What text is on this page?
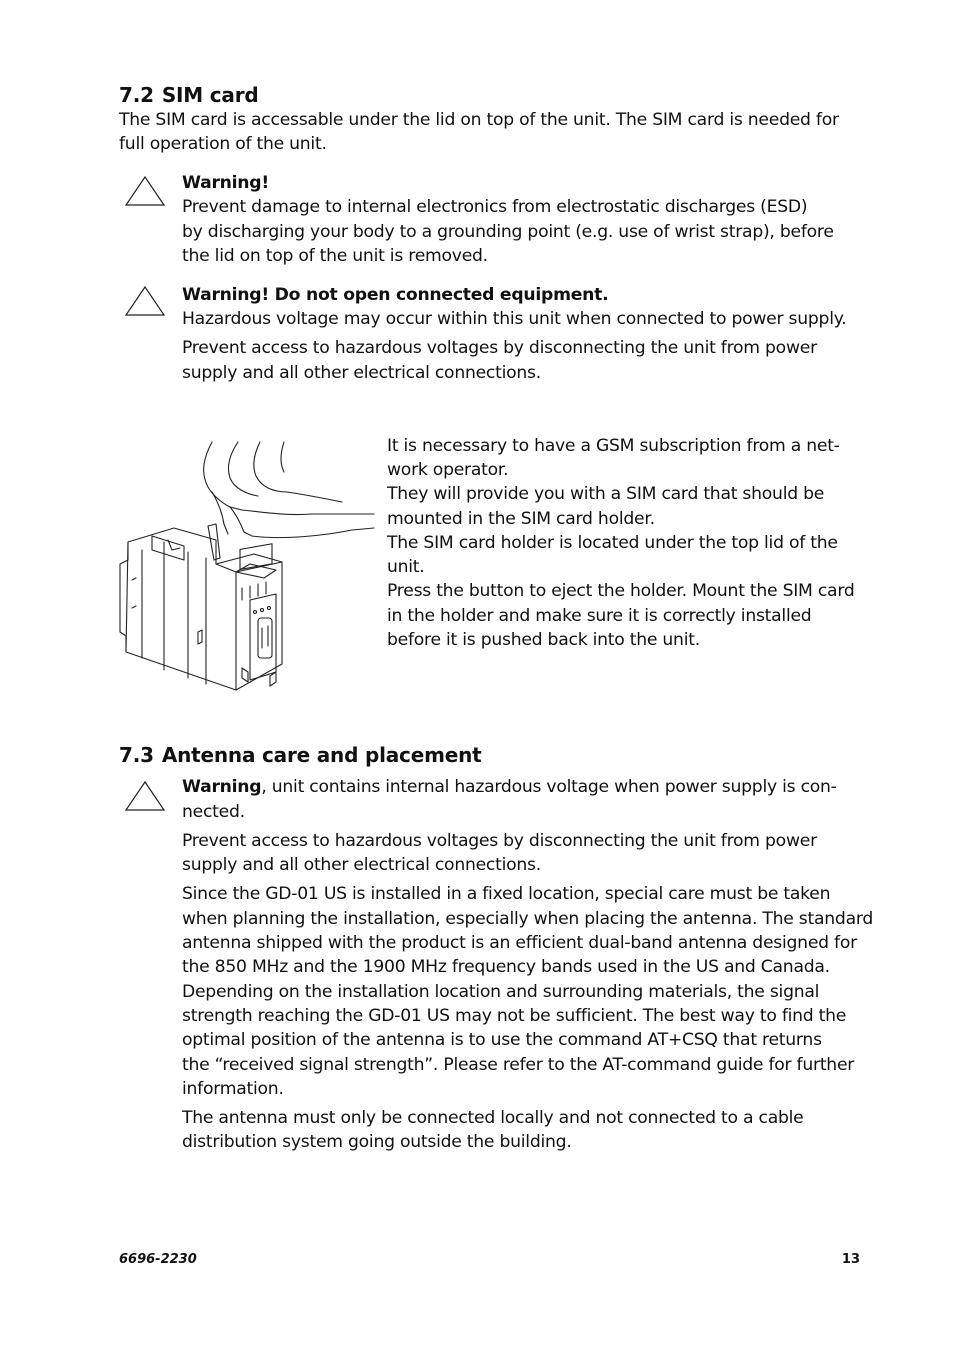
7.2 SIM card

The SIM card is accessable under the lid on top of the unit. The SIM card is needed for

full operation of the unit.

Warning!

Prevent damage to internal electronics from electrostatic discharges (ESD)

by discharging your body to a grounding point (e.g. use of wrist strap), before

the lid on top of the unit is removed.

Warning! Do not open connected equipment.

Hazardous voltage may occur within this unit when connected to power supply.

Prevent access to hazardous voltages by disconnecting the unit from power

supply and all other electrical connections.

It is necessary to have a GSM subscription from a net-

work operator.

They will provide you with a SIM card that should be

mounted in the SIM card holder.

The SIM card holder is located under the top lid of the

unit.

Press the button to eject the holder. Mount the SIM card

in the holder and make sure it is correctly installed

before it is pushed back into the unit.

7.3 Antenna care and placement

Warning, unit contains internal hazardous voltage when power supply is con-

nected.

Prevent access to hazardous voltages by disconnecting the unit from power

supply and all other electrical connections.

Since the GD-01 US is installed in a fixed location, special care must be taken

when planning the installation, especially when placing the antenna. The standard

antenna shipped with the product is an efficient dual-band antenna designed for

the 850 MHz and the 1900 MHz frequency bands used in the US and Canada.

Depending on the installation location and surrounding materials, the signal

strength reaching the GD-01 US may not be sufficient. The best way to find the

optimal position of the antenna is to use the command AT+CSQ that returns

the “received signal strength”. Please refer to the AT-command guide for further

information.

The antenna must only be connected locally and not connected to a cable

distribution system going outside the building.

6696-2230	13
